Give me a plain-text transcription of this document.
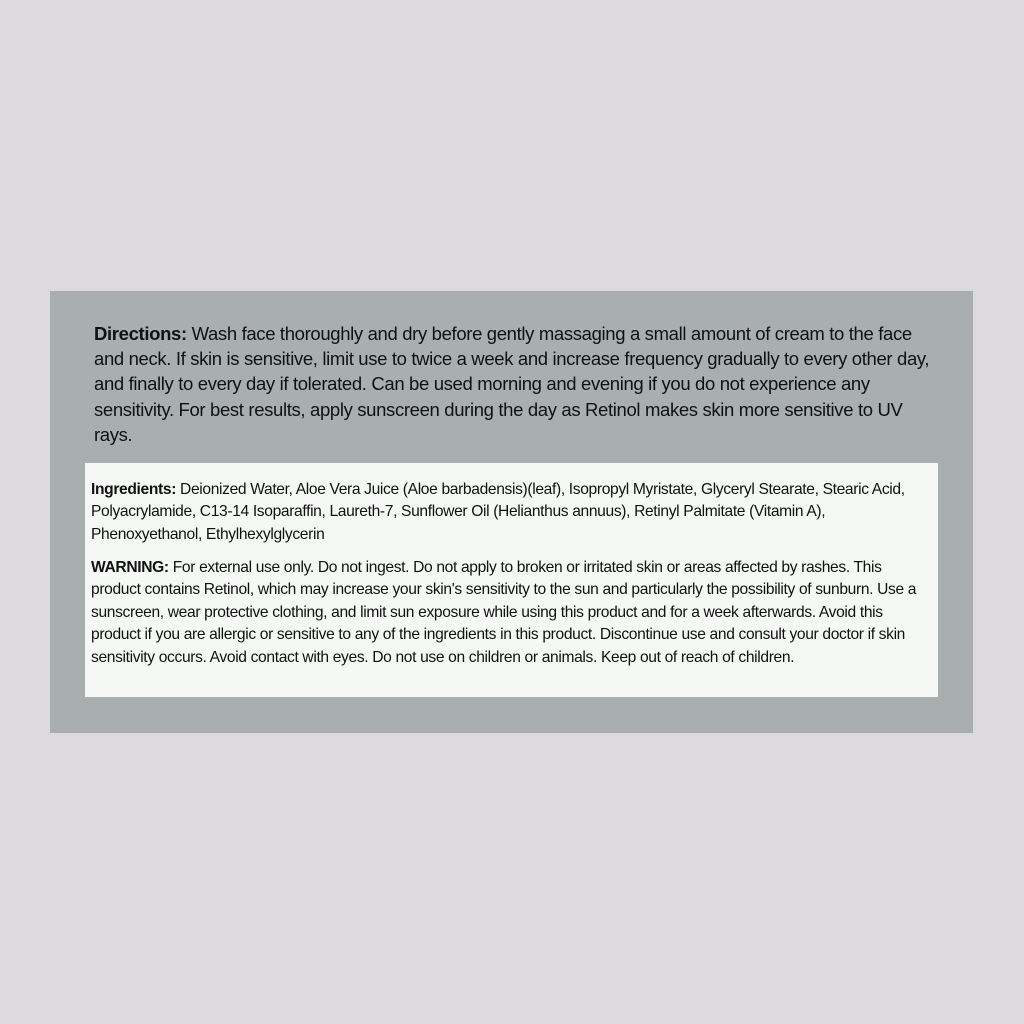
Directions: Wash face thoroughly and dry before gently massaging a small amount of cream to the face and neck. If skin is sensitive, limit use to twice a week and increase frequency gradually to every other day, and finally to every day if tolerated. Can be used morning and evening if you do not experience any sensitivity. For best results, apply sunscreen during the day as Retinol makes skin more sensitive to UV rays.

Ingredients: Deionized Water, Aloe Vera Juice (Aloe barbadensis)(leaf), Isopropyl Myristate, Glyceryl Stearate, Stearic Acid, Polyacrylamide, C13-14 Isoparaffin, Laureth-7, Sunflower Oil (Helianthus annuus), Retinyl Palmitate (Vitamin A), Phenoxyethanol, Ethylhexylglycerin

WARNING: For external use only. Do not ingest. Do not apply to broken or irritated skin or areas affected by rashes. This product contains Retinol, which may increase your skin's sensitivity to the sun and particularly the possibility of sunburn. Use a sunscreen, wear protective clothing, and limit sun exposure while using this product and for a week afterwards. Avoid this product if you are allergic or sensitive to any of the ingredients in this product. Discontinue use and consult your doctor if skin sensitivity occurs. Avoid contact with eyes. Do not use on children or animals. Keep out of reach of children.
